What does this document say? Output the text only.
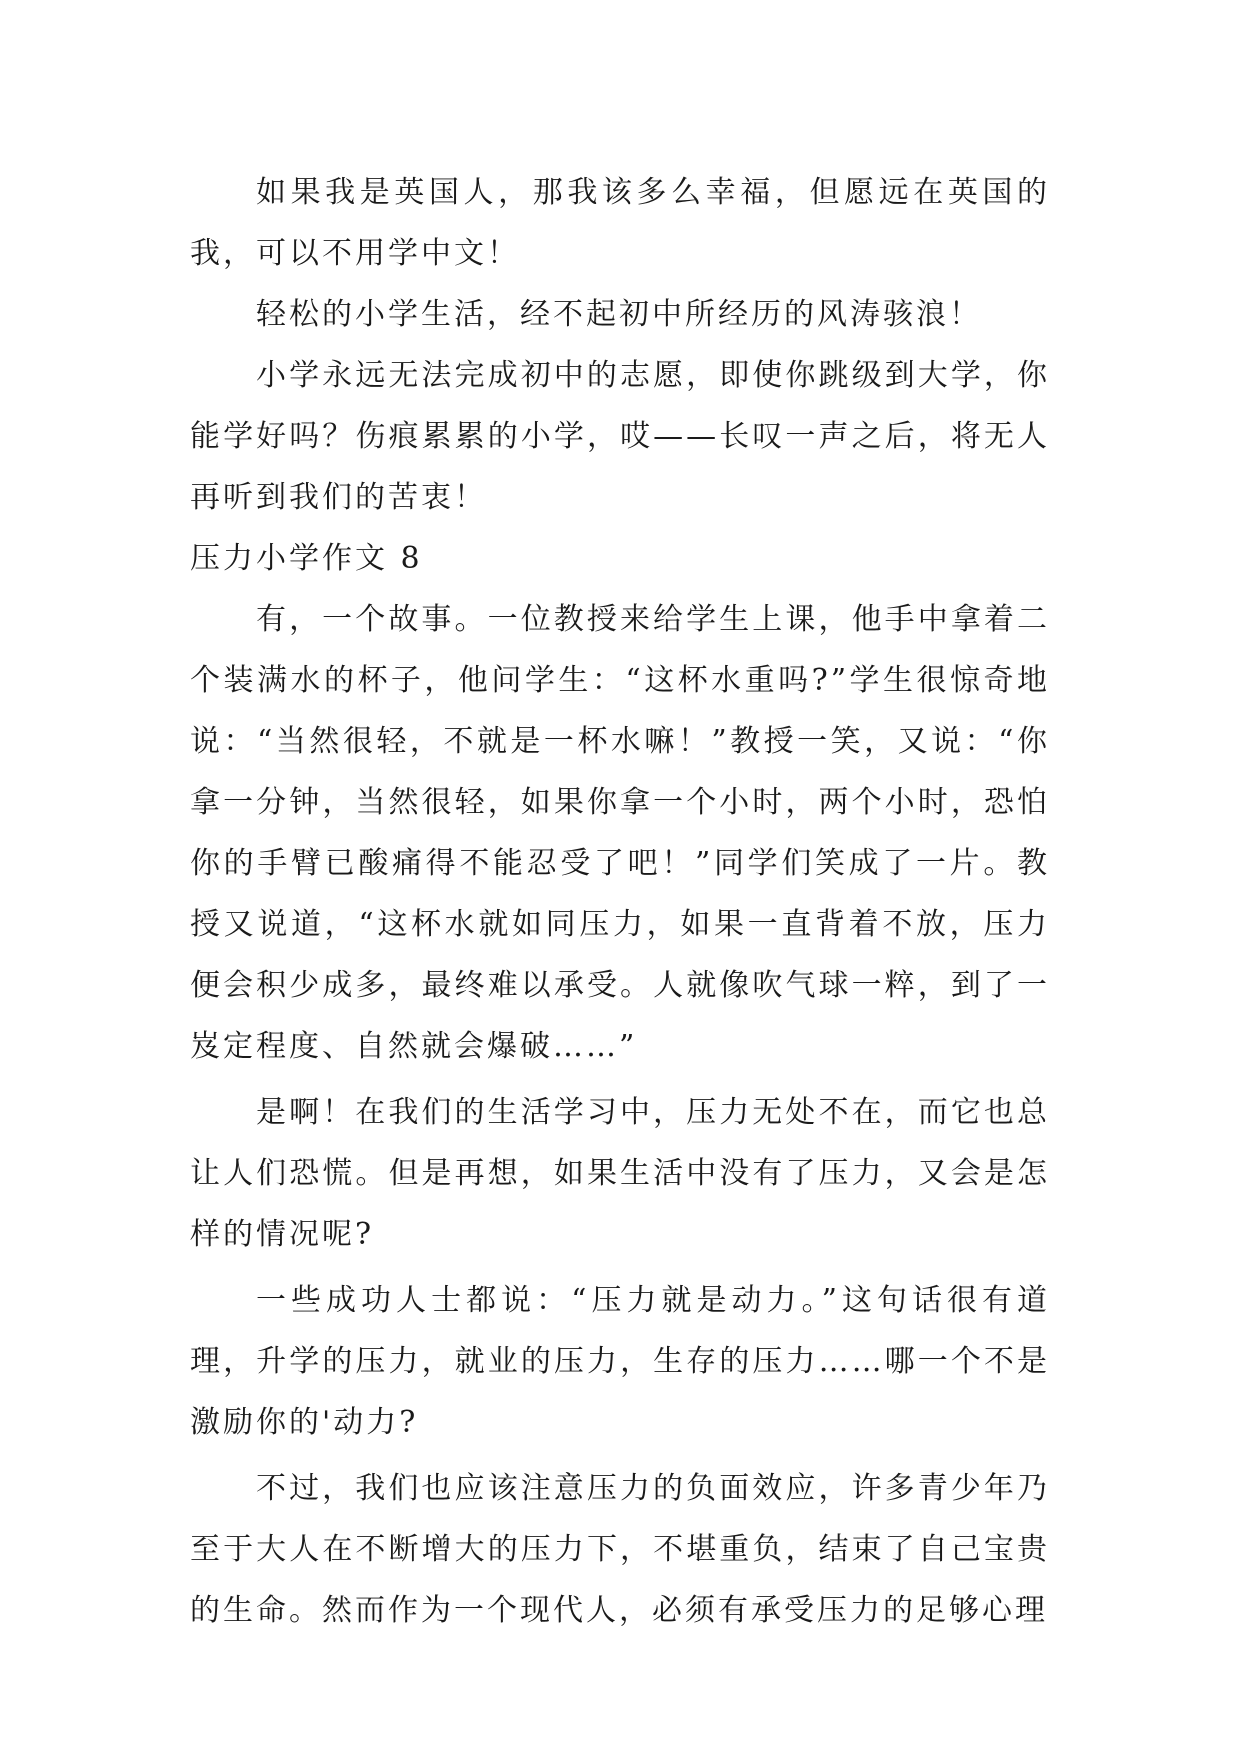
如果我是英国人，那我该多么幸福，但愿远在英国的我，可以不用学中文！

轻松的小学生活，经不起初中所经历的风涛骇浪！

小学永远无法完成初中的志愿，即使你跳级到大学，你能学好吗？伤痕累累的小学，哎——长叹一声之后，将无人再听到我们的苦衷！

压力小学作文 8

有，一个故事。一位教授来给学生上课，他手中拿着二个装满水的杯子，他问学生：“这杯水重吗?”学生很惊奇地说：“当然很轻，不就是一杯水嘛！”教授一笑，又说：“你拿一分钟，当然很轻，如果你拿一个小时，两个小时，恐怕你的手臂已酸痛得不能忍受了吧！”同学们笑成了一片。教授又说道，“这杯水就如同压力，如果一直背着不放，压力便会积少成多，最终难以承受。人就像吹气球一粹，到了一岌定程度、自然就会爆破……”

是啊！在我们的生活学习中，压力无处不在，而它也总让人们恐慌。但是再想，如果生活中没有了压力，又会是怎样的情况呢?

一些成功人士都说：“压力就是动力。”这句话很有道理，升学的压力，就业的压力，生存的压力……哪一个不是激励你的'动力?

不过，我们也应该注意压力的负面效应，许多青少年乃至于大人在不断增大的压力下，不堪重负，结束了自己宝贵的生命。然而作为一个现代人，必须有承受压力的足够心理
